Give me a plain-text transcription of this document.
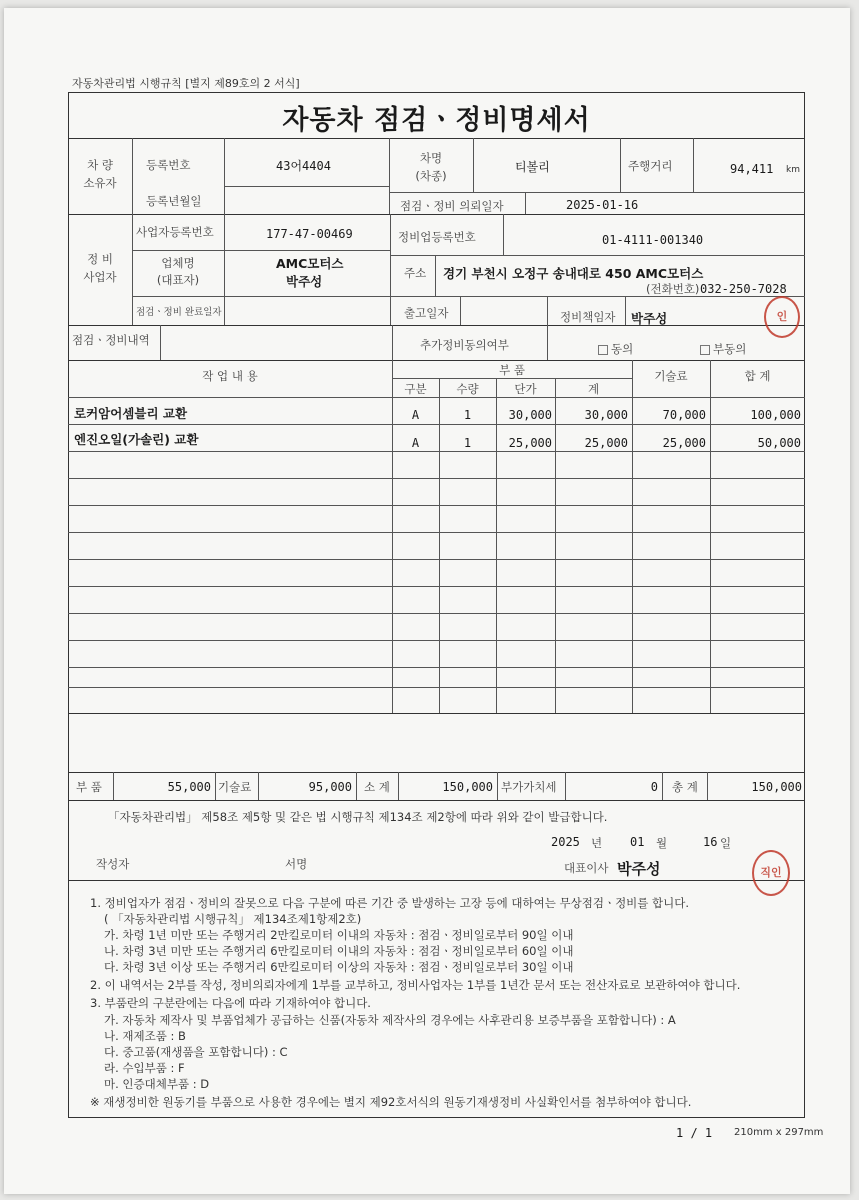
자동차관리법 시행규칙 [별지 제89호의 2 서식]
자동차 점검ㆍ정비명세서
차 량
소유자
등록번호	43어4404
차명
(차종)
티볼리	주행거리	94,411 km
등록년월일	점검ㆍ정비 의뢰일자	2025-01-16
정 비
사업자
사업자등록번호	177-47-00469	정비업등록번호	01-4111-001340
업체명
(대표자)
AMC모터스
박주성
주소 경기 부천시 오정구 송내대로 450 AMC모터스
(전화번호) 032-250-7028
점검ㆍ정비 완료일자	출고일자	정비책임자 박주성	인
점검ㆍ정비내역	추가정비동의여부	동의	부동의
작 업 내 용	부 품	기술료	합 계
구분	수량	단가	계
로커암어셈블리 교환	A	1	30,000	30,000	70,000	100,000
엔진오일(가솔린) 교환	A	1	25,000	25,000	25,000	50,000
부 품	55,000 기술료	95,000 소 계	150,000 부가가치세	0 총 계	150,000
「자동차관리법」 제58조 제5항 및 같은 법 시행규칙 제134조 제2항에 따라 위와 같이 발급합니다.
2025 년 01 월	16 일
작성자	서명	대표이사 박주성	직인
1. 정비업자가 점검ㆍ정비의 잘못으로 다음 구분에 따른 기간 중 발생하는 고장 등에 대하여는 무상점검ㆍ정비를 합니다.
( 「자동차관리법 시행규칙」 제134조제1항제2호)
가. 차령 1년 미만 또는 주행거리 2만킬로미터 이내의 자동차 : 점검ㆍ정비일로부터 90일 이내
나. 차령 3년 미만 또는 주행거리 6만킬로미터 이내의 자동차 : 점검ㆍ정비일로부터 60일 이내
다. 차령 3년 이상 또는 주행거리 6만킬로미터 이상의 자동차 : 점검ㆍ정비일로부터 30일 이내
2. 이 내역서는 2부를 작성, 정비의뢰자에게 1부를 교부하고, 정비사업자는 1부를 1년간 문서 또는 전산자료로 보관하여야 합니다.
3. 부품란의 구분란에는 다음에 따라 기재하여야 합니다.
가. 자동차 제작사 및 부품업체가 공급하는 신품(자동차 제작사의 경우에는 사후관리용 보증부품을 포함합니다) : A
나. 재제조품 : B
다. 중고품(재생품을 포함합니다) : C
라. 수입부품 : F
마. 인증대체부품 : D
※ 재생정비한 원동기를 부품으로 사용한 경우에는 별지 제92호서식의 원동기재생정비 사실확인서를 첨부하여야 합니다.
1 / 1 210mm x 297mm
